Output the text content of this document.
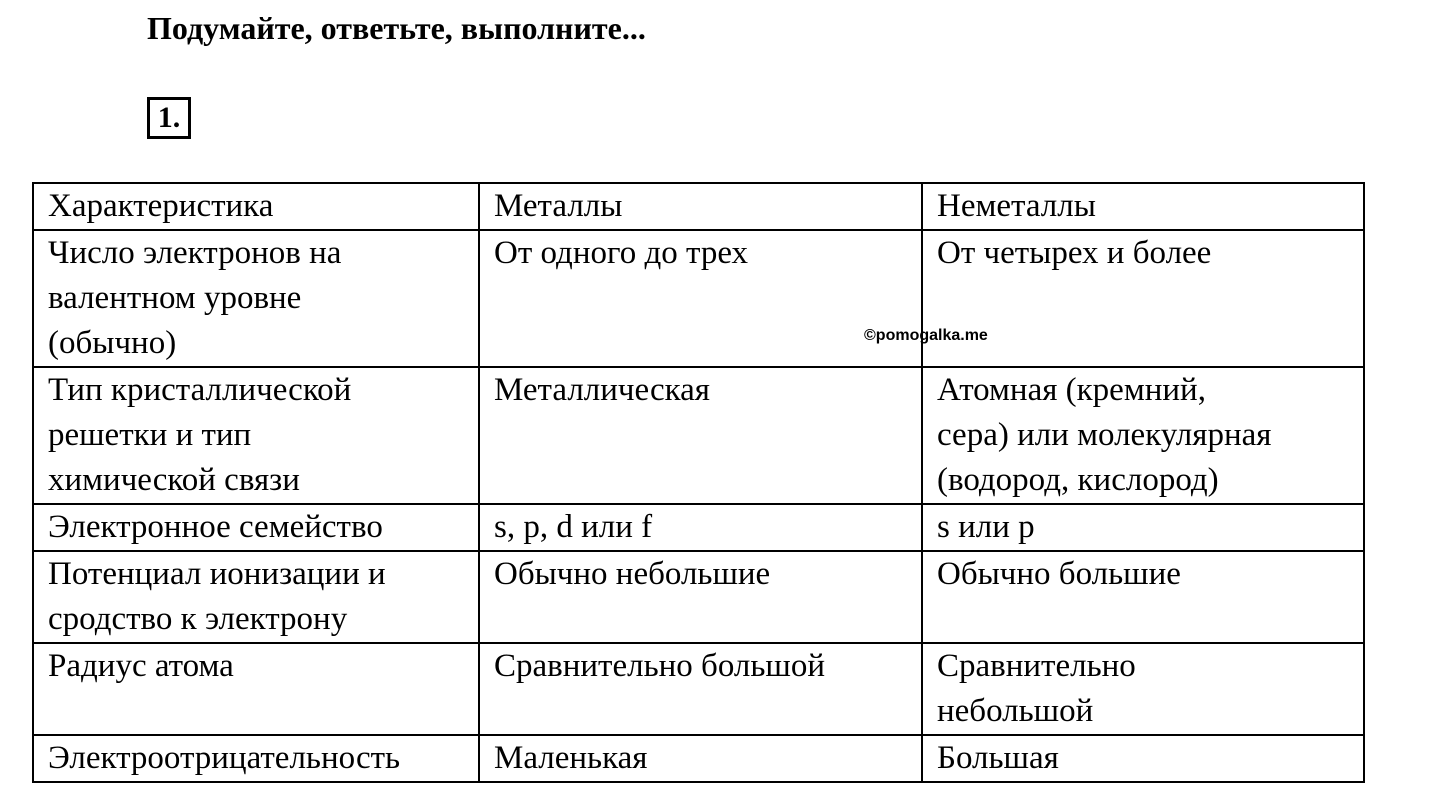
Подумайте, ответьте, выполните...
1.
Характеристика	Металлы	Неметаллы

Число электронов на
валентном уровне
(обычно)	От одного до трех	От четырех и более

Тип кристаллической
решетки и тип
химической связи	Металлическая	Атомная (кремний,
сера) или молекулярная
(водород, кислород)

Электронное семейство	s, p, d или f	s или p

Потенциал ионизации и
сродство к электрону	Обычно небольшие	Обычно большие

Радиус атома	Сравнительно большой	Сравнительно
небольшой

Электроотрицательность	Маленькая	Большая
©pomogalka.me
